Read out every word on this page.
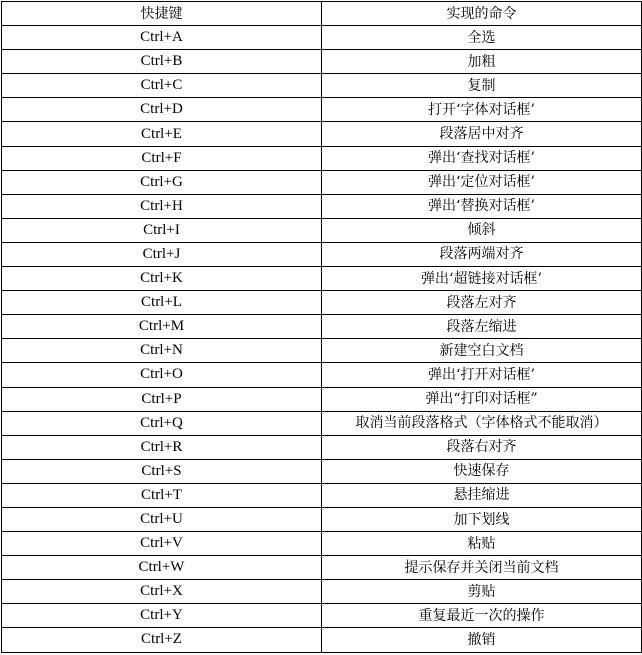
快捷键	实现的命令
Ctrl+A	全选
Ctrl+B	加粗
Ctrl+C	复制
Ctrl+D	打开‘字体对话框’
Ctrl+E	段落居中对齐
Ctrl+F	弹出‘查找对话框’
Ctrl+G	弹出‘定位对话框’
Ctrl+H	弹出‘替换对话框’
Ctrl+I	倾斜
Ctrl+J	段落两端对齐
Ctrl+K	弹出‘超链接对话框’
Ctrl+L	段落左对齐
Ctrl+M	段落左缩进
Ctrl+N	新建空白文档
Ctrl+O	弹出‘打开对话框’
Ctrl+P	弹出“打印对话框”
Ctrl+Q	取消当前段落格式（字体格式不能取消）
Ctrl+R	段落右对齐
Ctrl+S	快速保存
Ctrl+T	悬挂缩进
Ctrl+U	加下划线
Ctrl+V	粘贴
Ctrl+W	提示保存并关闭当前文档
Ctrl+X	剪贴
Ctrl+Y	重复最近一次的操作
Ctrl+Z	撤销
